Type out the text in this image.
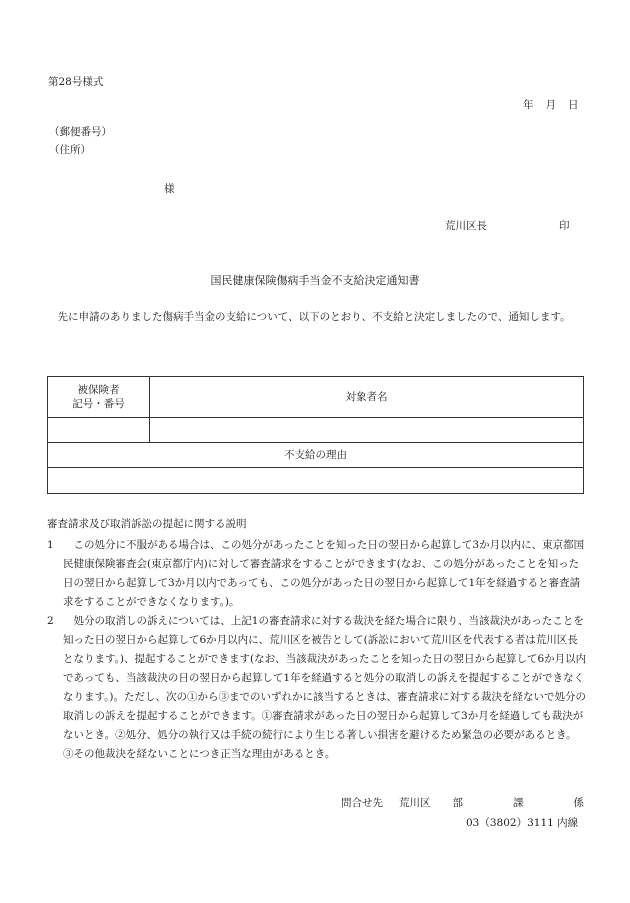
第28号様式
年 月 日
（郵便番号）
（住所）
様
荒川区長	印
国民健康保険傷病手当金不支給決定通知書
先に申請のありました傷病手当金の支給について、以下のとおり、不支給と決定しましたので、通知します。
被保険者
記号・番号	対象者名

不支給の理由	

審査請求及び取消訴訟の提起に関する説明
1	この処分に不服がある場合は、この処分があったことを知った日の翌日から起算して3か月以内に、東京都国民健康保険審査会(東京都庁内)に対して審査請求をすることができます(なお、この処分があったことを知った日の翌日から起算して3か月以内であっても、この処分があった日の翌日から起算して1年を経過すると審査請求をすることができなくなります。)。
2	処分の取消しの訴えについては、上記1の審査請求に対する裁決を経た場合に限り、当該裁決があったことを知った日の翌日から起算して6か月以内に、荒川区を被告として(訴訟において荒川区を代表する者は荒川区長となります。)、提起することができます(なお、当該裁決があったことを知った日の翌日から起算して6か月以内であっても、当該裁決の日の翌日から起算して1年を経過すると処分の取消しの訴えを提起することができなくなります。)。ただし、次の①から③までのいずれかに該当するときは、審査請求に対する裁決を経ないで処分の取消しの訴えを提起することができます。①審査請求があった日の翌日から起算して3か月を経過しても裁決がないとき。②処分、処分の執行又は手続の続行により生じる著しい損害を避けるため緊急の必要があるとき。③その他裁決を経ないことにつき正当な理由があるとき。
問合せ先 荒川区 部	課	係
03（3802）3111 内線
